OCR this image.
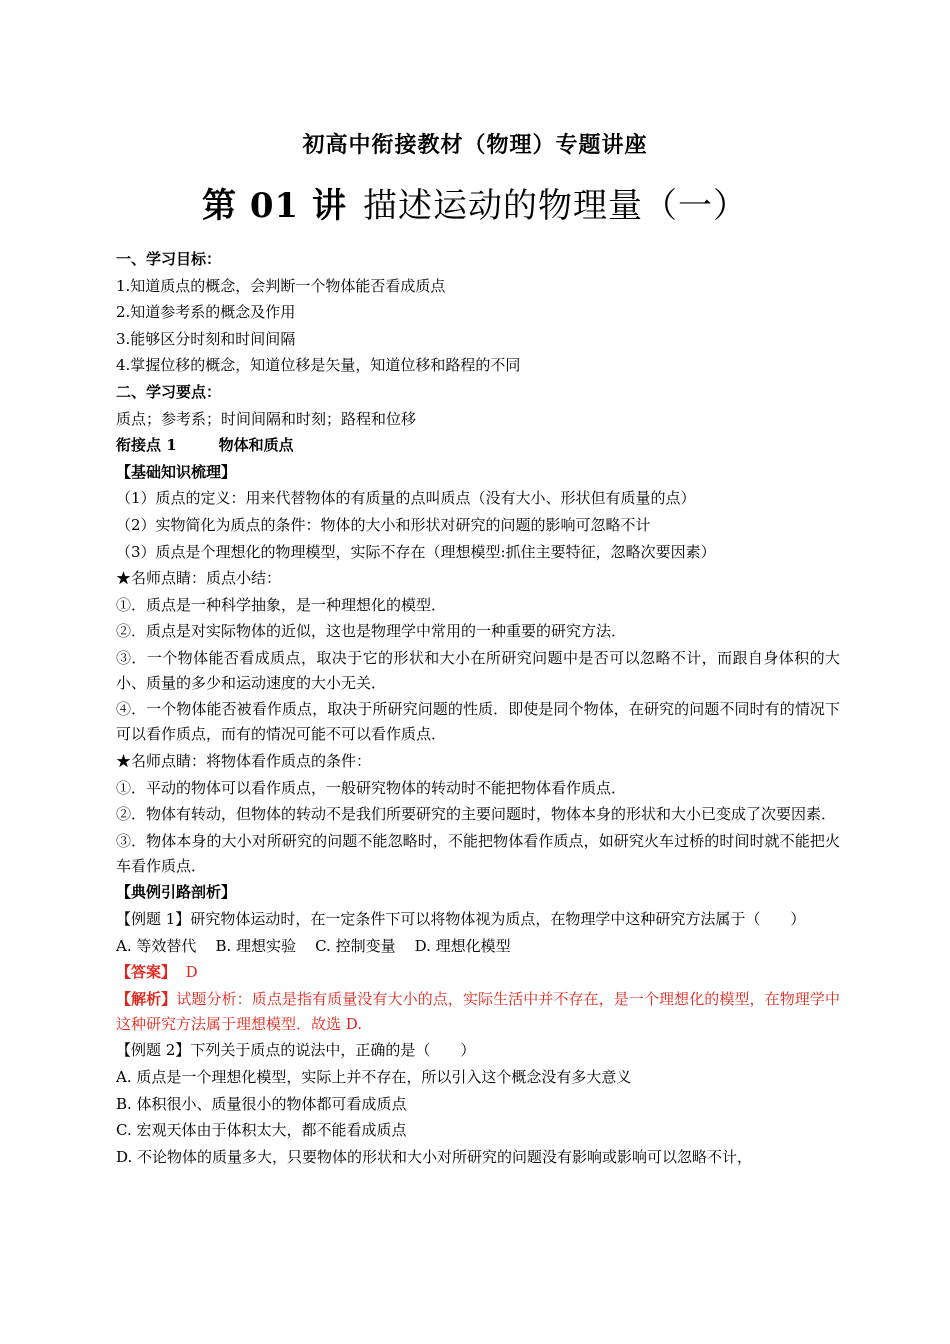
初高中衔接教材（物理）专题讲座
第 01 讲 描述运动的物理量（一）
一、学习目标：
1.知道质点的概念，会判断一个物体能否看成质点
2.知道参考系的概念及作用
3.能够区分时刻和时间间隔
4.掌握位移的概念，知道位移是矢量，知道位移和路程的不同
二、学习要点：
质点；参考系；时间间隔和时刻；路程和位移
衔接点 1	物体和质点
【基础知识梳理】
（1）质点的定义：用来代替物体的有质量的点叫质点（没有大小、形状但有质量的点）
（2）实物简化为质点的条件：物体的大小和形状对研究的问题的影响可忽略不计
（3）质点是个理想化的物理模型，实际不存在（理想模型:抓住主要特征，忽略次要因素）
★名师点睛：质点小结：
①．质点是一种科学抽象，是一种理想化的模型．
②．质点是对实际物体的近似，这也是物理学中常用的一种重要的研究方法．
③．一个物体能否看成质点，取决于它的形状和大小在所研究问题中是否可以忽略不计，而跟自身体积的大小、质量的多少和运动速度的大小无关．
④．一个物体能否被看作质点，取决于所研究问题的性质．即使是同个物体，在研究的问题不同时有的情况下可以看作质点，而有的情况可能不可以看作质点．
★名师点睛：将物体看作质点的条件：
①．平动的物体可以看作质点，一般研究物体的转动时不能把物体看作质点．
②．物体有转动，但物体的转动不是我们所要研究的主要问题时，物体本身的形状和大小已变成了次要因素．
③．物体本身的大小对所研究的问题不能忽略时，不能把物体看作质点，如研究火车过桥的时间时就不能把火车看作质点．
【典例引路剖析】
【例题 1】研究物体运动时，在一定条件下可以将物体视为质点，在物理学中这种研究方法属于（　　）
A. 等效替代 B. 理想实验 C. 控制变量 D. 理想化模型
【答案】 D
【解析】试题分析：质点是指有质量没有大小的点，实际生活中并不存在，是一个理想化的模型，在物理学中这种研究方法属于理想模型．故选 D.
【例题 2】下列关于质点的说法中，正确的是（　　）
A. 质点是一个理想化模型，实际上并不存在，所以引入这个概念没有多大意义
B. 体积很小、质量很小的物体都可看成质点
C. 宏观天体由于体积太大，都不能看成质点
D. 不论物体的质量多大，只要物体的形状和大小对所研究的问题没有影响或影响可以忽略不计，
